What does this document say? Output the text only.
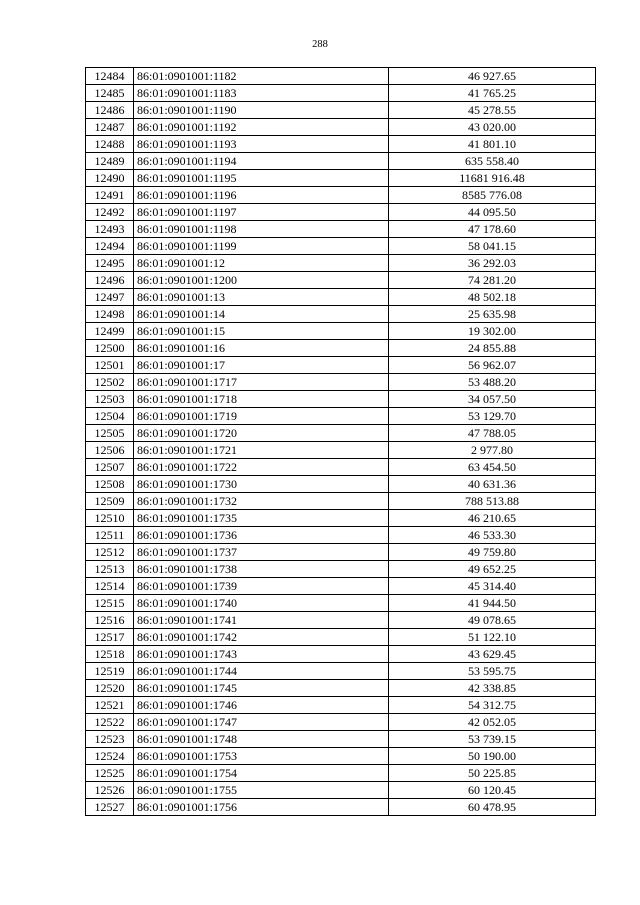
288
12484	86:01:0901001:1182	46 927.65
12485	86:01:0901001:1183	41 765.25
12486	86:01:0901001:1190	45 278.55
12487	86:01:0901001:1192	43 020.00
12488	86:01:0901001:1193	41 801.10
12489	86:01:0901001:1194	635 558.40
12490	86:01:0901001:1195	11681 916.48
12491	86:01:0901001:1196	8585 776.08
12492	86:01:0901001:1197	44 095.50
12493	86:01:0901001:1198	47 178.60
12494	86:01:0901001:1199	58 041.15
12495	86:01:0901001:12	36 292.03
12496	86:01:0901001:1200	74 281.20
12497	86:01:0901001:13	48 502.18
12498	86:01:0901001:14	25 635.98
12499	86:01:0901001:15	19 302.00
12500	86:01:0901001:16	24 855.88
12501	86:01:0901001:17	56 962.07
12502	86:01:0901001:1717	53 488.20
12503	86:01:0901001:1718	34 057.50
12504	86:01:0901001:1719	53 129.70
12505	86:01:0901001:1720	47 788.05
12506	86:01:0901001:1721	2 977.80
12507	86:01:0901001:1722	63 454.50
12508	86:01:0901001:1730	40 631.36
12509	86:01:0901001:1732	788 513.88
12510	86:01:0901001:1735	46 210.65
12511	86:01:0901001:1736	46 533.30
12512	86:01:0901001:1737	49 759.80
12513	86:01:0901001:1738	49 652.25
12514	86:01:0901001:1739	45 314.40
12515	86:01:0901001:1740	41 944.50
12516	86:01:0901001:1741	49 078.65
12517	86:01:0901001:1742	51 122.10
12518	86:01:0901001:1743	43 629.45
12519	86:01:0901001:1744	53 595.75
12520	86:01:0901001:1745	42 338.85
12521	86:01:0901001:1746	54 312.75
12522	86:01:0901001:1747	42 052.05
12523	86:01:0901001:1748	53 739.15
12524	86:01:0901001:1753	50 190.00
12525	86:01:0901001:1754	50 225.85
12526	86:01:0901001:1755	60 120.45
12527	86:01:0901001:1756	60 478.95
